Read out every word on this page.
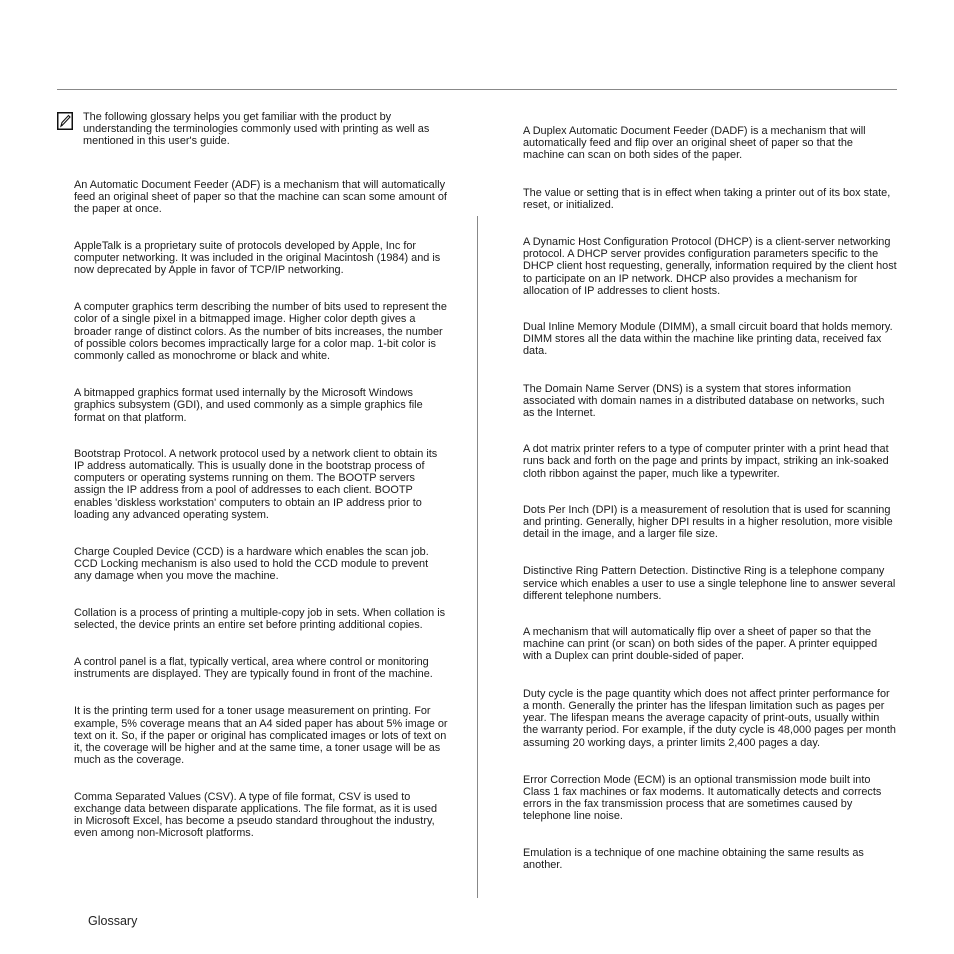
The following glossary helps you get familiar with the product by understanding the terminologies commonly used with printing as well as mentioned in this user's guide.

An Automatic Document Feeder (ADF) is a mechanism that will automatically feed an original sheet of paper so that the machine can scan some amount of the paper at once.

AppleTalk is a proprietary suite of protocols developed by Apple, Inc for computer networking. It was included in the original Macintosh (1984) and is now deprecated by Apple in favor of TCP/IP networking.

A computer graphics term describing the number of bits used to represent the color of a single pixel in a bitmapped image. Higher color depth gives a broader range of distinct colors. As the number of bits increases, the number of possible colors becomes impractically large for a color map. 1-bit color is commonly called as monochrome or black and white.

A bitmapped graphics format used internally by the Microsoft Windows graphics subsystem (GDI), and used commonly as a simple graphics file format on that platform.

Bootstrap Protocol. A network protocol used by a network client to obtain its IP address automatically. This is usually done in the bootstrap process of computers or operating systems running on them. The BOOTP servers assign the IP address from a pool of addresses to each client. BOOTP enables 'diskless workstation' computers to obtain an IP address prior to loading any advanced operating system.

Charge Coupled Device (CCD) is a hardware which enables the scan job. CCD Locking mechanism is also used to hold the CCD module to prevent any damage when you move the machine.

Collation is a process of printing a multiple-copy job in sets. When collation is selected, the device prints an entire set before printing additional copies.

A control panel is a flat, typically vertical, area where control or monitoring instruments are displayed. They are typically found in front of the machine.

It is the printing term used for a toner usage measurement on printing. For example, 5% coverage means that an A4 sided paper has about 5% image or text on it. So, if the paper or original has complicated images or lots of text on it, the coverage will be higher and at the same time, a toner usage will be as much as the coverage.

Comma Separated Values (CSV). A type of file format, CSV is used to exchange data between disparate applications. The file format, as it is used in Microsoft Excel, has become a pseudo standard throughout the industry, even among non-Microsoft platforms.

A Duplex Automatic Document Feeder (DADF) is a mechanism that will automatically feed and flip over an original sheet of paper so that the machine can scan on both sides of the paper.

The value or setting that is in effect when taking a printer out of its box state, reset, or initialized.

A Dynamic Host Configuration Protocol (DHCP) is a client-server networking protocol. A DHCP server provides configuration parameters specific to the DHCP client host requesting, generally, information required by the client host to participate on an IP network. DHCP also provides a mechanism for allocation of IP addresses to client hosts.

Dual Inline Memory Module (DIMM), a small circuit board that holds memory. DIMM stores all the data within the machine like printing data, received fax data.

The Domain Name Server (DNS) is a system that stores information associated with domain names in a distributed database on networks, such as the Internet.

A dot matrix printer refers to a type of computer printer with a print head that runs back and forth on the page and prints by impact, striking an ink-soaked cloth ribbon against the paper, much like a typewriter.

Dots Per Inch (DPI) is a measurement of resolution that is used for scanning and printing. Generally, higher DPI results in a higher resolution, more visible detail in the image, and a larger file size.

Distinctive Ring Pattern Detection. Distinctive Ring is a telephone company service which enables a user to use a single telephone line to answer several different telephone numbers.

A mechanism that will automatically flip over a sheet of paper so that the machine can print (or scan) on both sides of the paper. A printer equipped with a Duplex can print double-sided of paper.

Duty cycle is the page quantity which does not affect printer performance for a month. Generally the printer has the lifespan limitation such as pages per year. The lifespan means the average capacity of print-outs, usually within the warranty period. For example, if the duty cycle is 48,000 pages per month assuming 20 working days, a printer limits 2,400 pages a day.

Error Correction Mode (ECM) is an optional transmission mode built into Class 1 fax machines or fax modems. It automatically detects and corrects errors in the fax transmission process that are sometimes caused by telephone line noise.

Emulation is a technique of one machine obtaining the same results as another.

Glossary
